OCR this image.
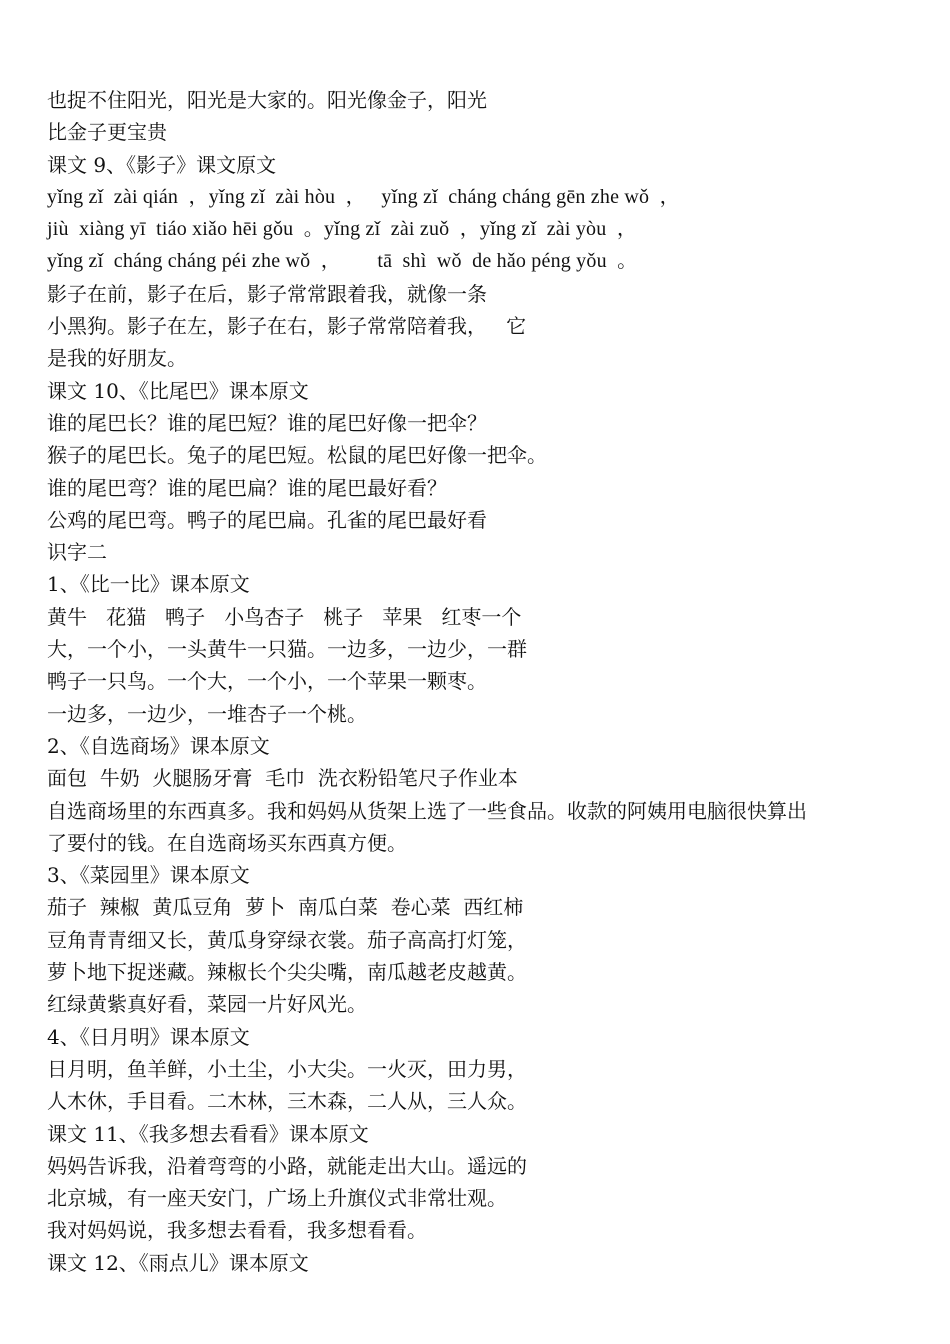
也捉不住阳光，阳光是大家的。阳光像金子，阳光
比金子更宝贵
课文 9、《影子》课文原文
yǐng zǐ  zài qián  ，yǐng zǐ  zài hòu  ，   yǐng zǐ  cháng cháng gēn zhe wǒ  ，
jiù  xiàng yī  tiáo xiǎo hēi gǒu  。yǐng zǐ  zài zuǒ  ，yǐng zǐ  zài yòu  ，
yǐng zǐ  cháng cháng péi zhe wǒ  ，       tā  shì  wǒ  de hǎo péng yǒu  。
影子在前，影子在后，影子常常跟着我，就像一条
小黑狗。影子在左，影子在右，影子常常陪着我，   它
是我的好朋友。
课文 10、《比尾巴》课本原文
谁的尾巴长？谁的尾巴短？谁的尾巴好像一把伞？
猴子的尾巴长。兔子的尾巴短。松鼠的尾巴好像一把伞。
谁的尾巴弯？谁的尾巴扁？谁的尾巴最好看？
公鸡的尾巴弯。鸭子的尾巴扁。孔雀的尾巴最好看
识字二
1、《比一比》课本原文
黄牛   花猫   鸭子   小鸟杏子   桃子   苹果   红枣一个
大，一个小，一头黄牛一只猫。一边多，一边少，一群
鸭子一只鸟。一个大，一个小，一个苹果一颗枣。
一边多，一边少，一堆杏子一个桃。
2、《自选商场》课本原文
面包  牛奶  火腿肠牙膏  毛巾  洗衣粉铅笔尺子作业本
自选商场里的东西真多。我和妈妈从货架上选了一些食品。收款的阿姨用电脑很快算出
了要付的钱。在自选商场买东西真方便。
3、《菜园里》课本原文
茄子  辣椒  黄瓜豆角  萝卜  南瓜白菜  卷心菜  西红柿
豆角青青细又长，黄瓜身穿绿衣裳。茄子高高打灯笼，
萝卜地下捉迷藏。辣椒长个尖尖嘴，南瓜越老皮越黄。
红绿黄紫真好看，菜园一片好风光。
4、《日月明》课本原文
日月明，鱼羊鲜，小土尘，小大尖。一火灭，田力男，
人木休，手目看。二木林，三木森，二人从，三人众。
课文 11、《我多想去看看》课本原文
妈妈告诉我，沿着弯弯的小路，就能走出大山。遥远的
北京城，有一座天安门，广场上升旗仪式非常壮观。
我对妈妈说，我多想去看看，我多想看看。
课文 12、《雨点儿》课本原文
